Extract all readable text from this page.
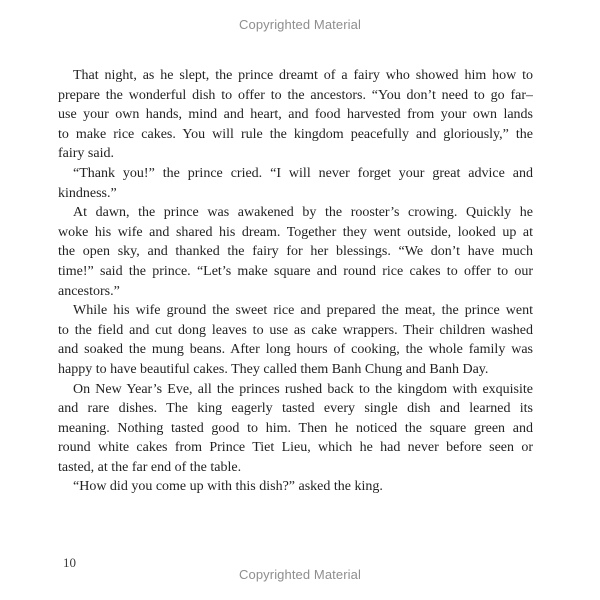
Copyrighted Material
That night, as he slept, the prince dreamt of a fairy who showed him how to
prepare the wonderful dish to offer to the ancestors. “You don’t need to go far–
use your own hands, mind and heart, and food harvested from your own lands
to make rice cakes. You will rule the kingdom peacefully and gloriously,” the
fairy said.
“Thank you!” the prince cried. “I will never forget your great advice and
kindness.”
At dawn, the prince was awakened by the rooster’s crowing. Quickly he
woke his wife and shared his dream. Together they went outside, looked up at
the open sky, and thanked the fairy for her blessings. “We don’t have much
time!” said the prince. “Let’s make square and round rice cakes to offer to our
ancestors.”
While his wife ground the sweet rice and prepared the meat, the prince went
to the field and cut dong leaves to use as cake wrappers. Their children washed
and soaked the mung beans. After long hours of cooking, the whole family was
happy to have beautiful cakes. They called them Banh Chung and Banh Day.
On New Year’s Eve, all the princes rushed back to the kingdom with exquisite
and rare dishes. The king eagerly tasted every single dish and learned its
meaning. Nothing tasted good to him. Then he noticed the square green and
round white cakes from Prince Tiet Lieu, which he had never before seen or
tasted, at the far end of the table.
“How did you come up with this dish?” asked the king.
10
Copyrighted Material
